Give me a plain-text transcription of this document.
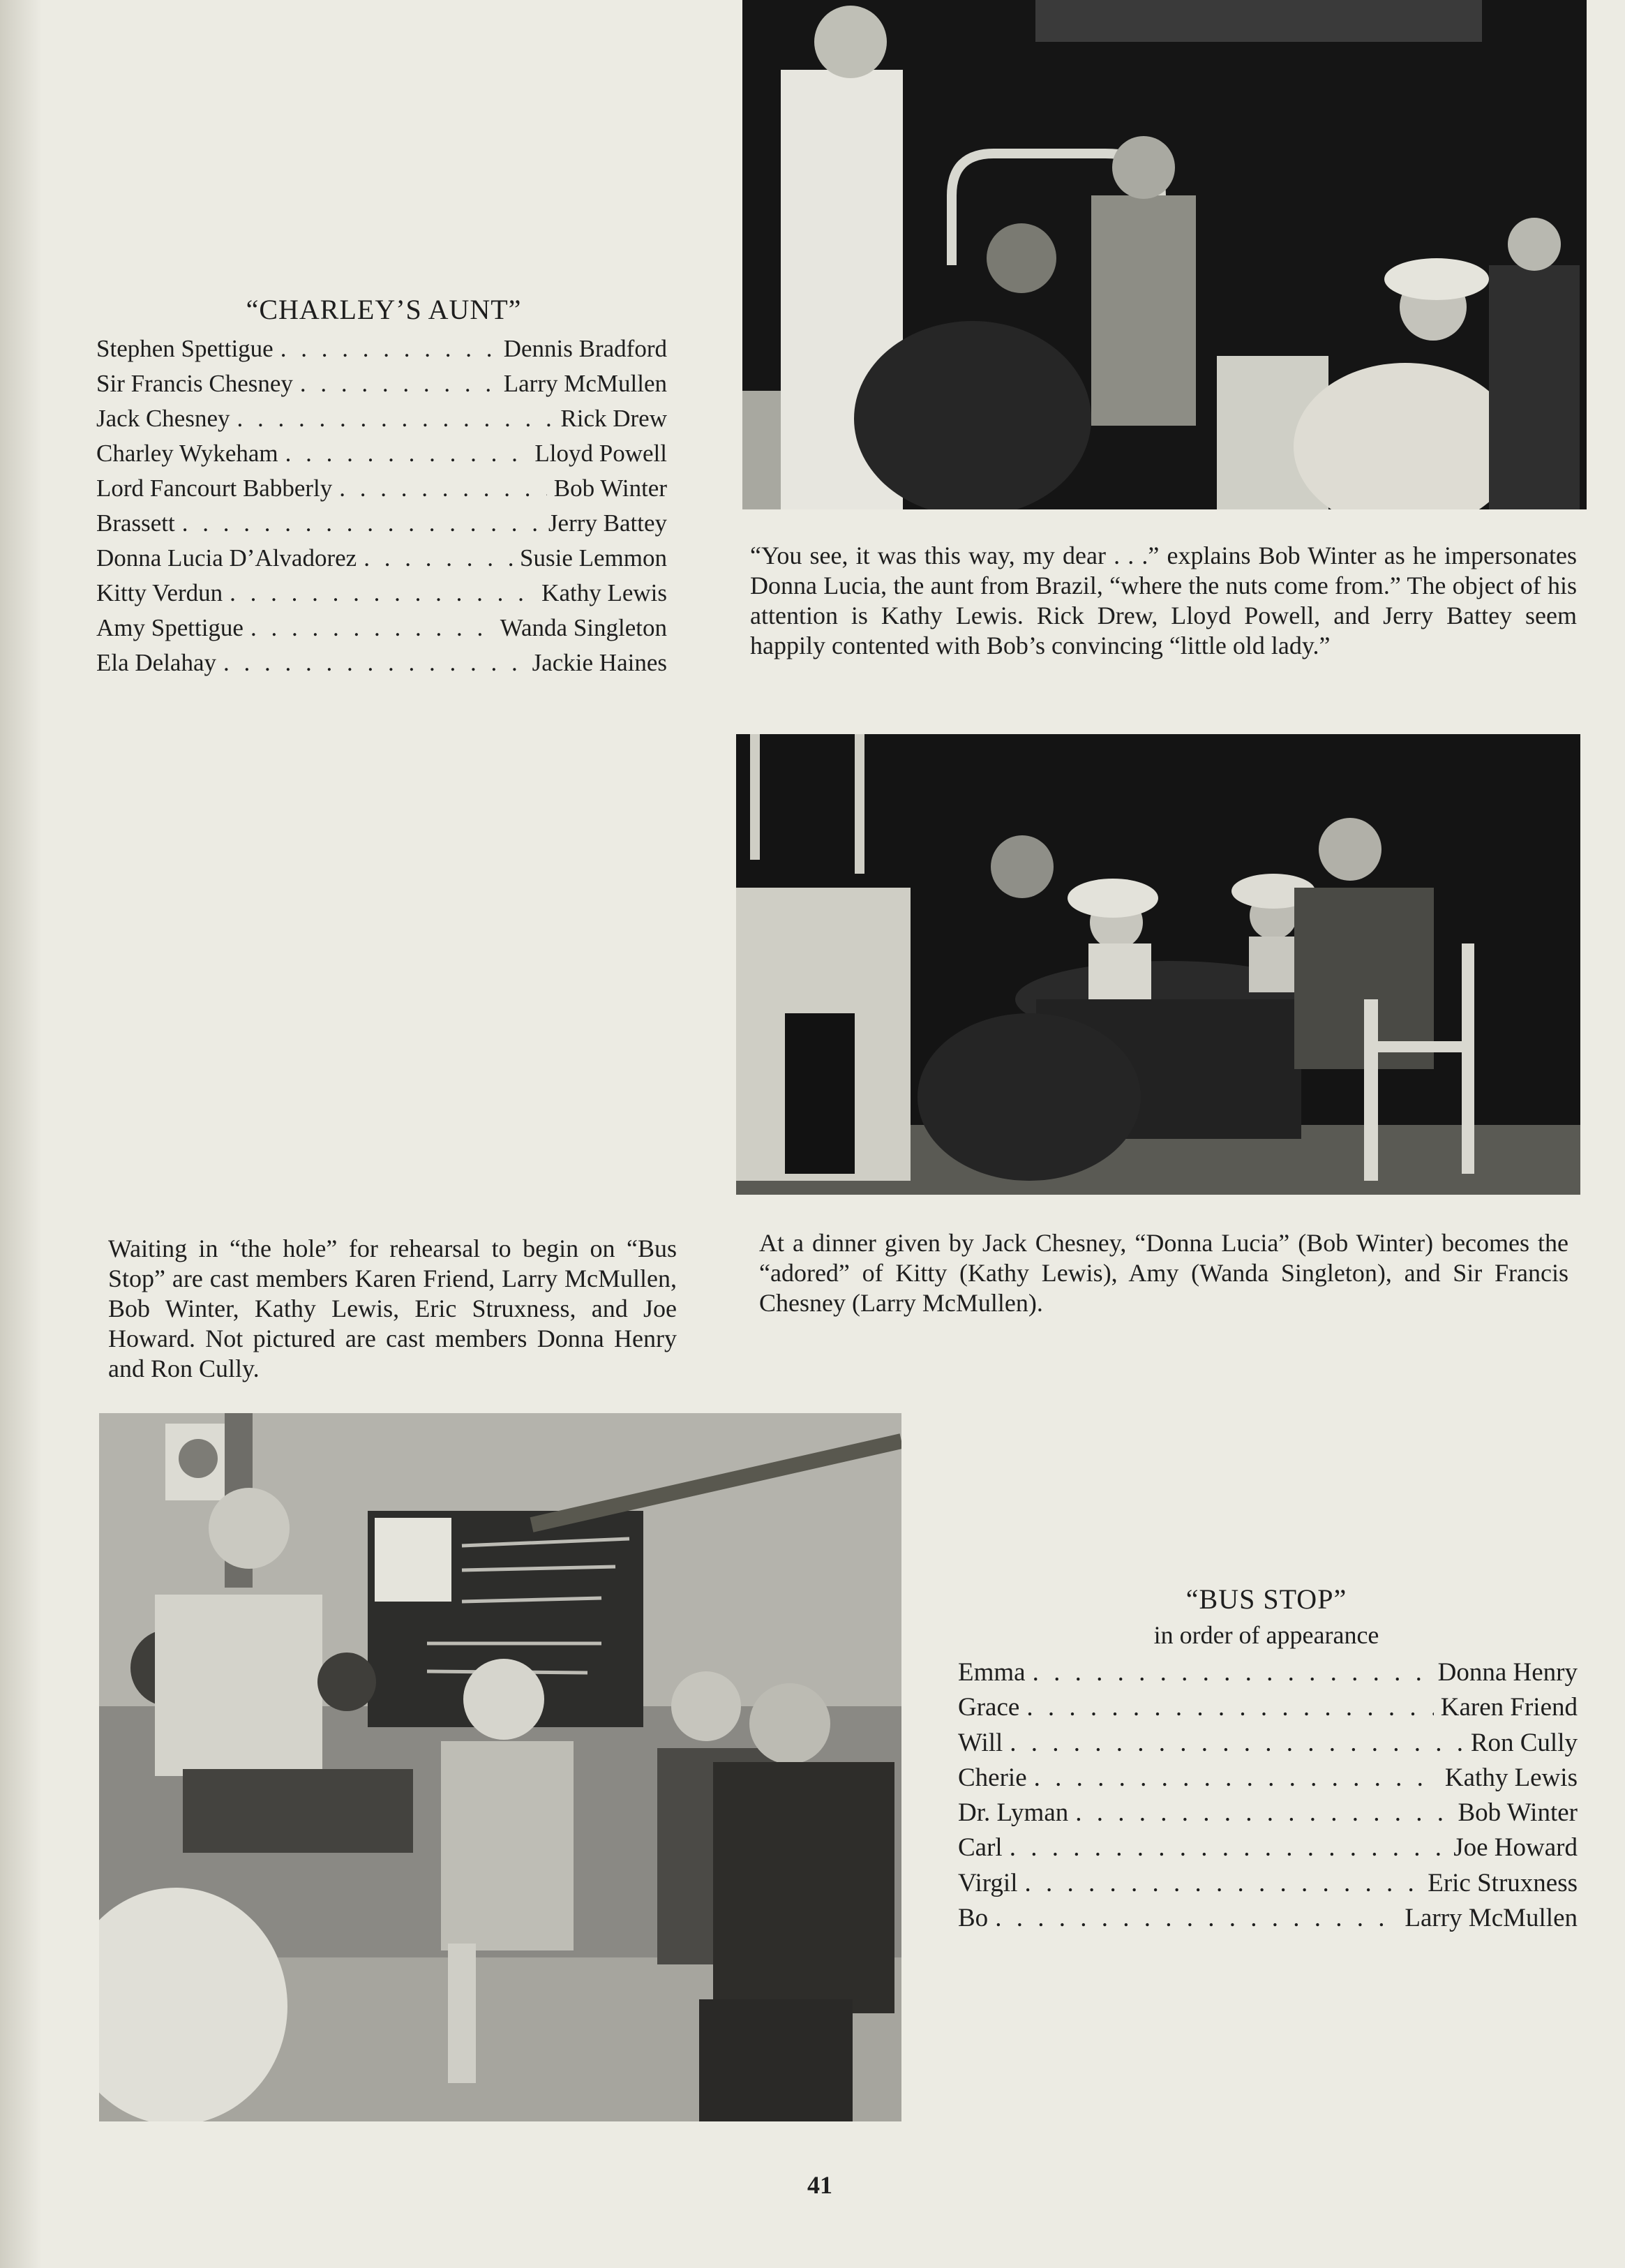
“CHARLEY’S AUNT”
Stephen Spettigue . . .	Dennis Bradford
Sir Francis Chesney . . .	Larry McMullen
Jack Chesney . . .	Rick Drew
Charley Wykeham . . .	Lloyd Powell
Lord Fancourt Babberly . . .	Bob Winter
Brassett . . .	Jerry Battey
Donna Lucia D’Alvadorez . . .	Susie Lemmon
Kitty Verdun . . .	Kathy Lewis
Amy Spettigue . . .	Wanda Singleton
Ela Delahay . . .	Jackie Haines

“You see, it was this way, my dear . . .” explains Bob Winter as he impersonates Donna Lucia, the aunt from Brazil, “where the nuts come from.” The object of his attention is Kathy Lewis. Rick Drew, Lloyd Powell, and Jerry Battey seem happily contented with Bob’s convincing “little old lady.”

Waiting in “the hole” for rehearsal to begin on “Bus Stop” are cast members Karen Friend, Larry McMullen, Bob Winter, Kathy Lewis, Eric Struxness, and Joe Howard. Not pictured are cast members Donna Henry and Ron Cully.

At a dinner given by Jack Chesney, “Donna Lucia” (Bob Winter) becomes the “adored” of Kitty (Kathy Lewis), Amy (Wanda Singleton), and Sir Francis Chesney (Larry McMullen).

“BUS STOP”
in order of appearance
Emma . . .	Donna Henry
Grace . . .	Karen Friend
Will . . .	Ron Cully
Cherie . . .	Kathy Lewis
Dr. Lyman . . .	Bob Winter
Carl . . .	Joe Howard
Virgil . . .	Eric Struxness
Bo . . .	Larry McMullen
41
